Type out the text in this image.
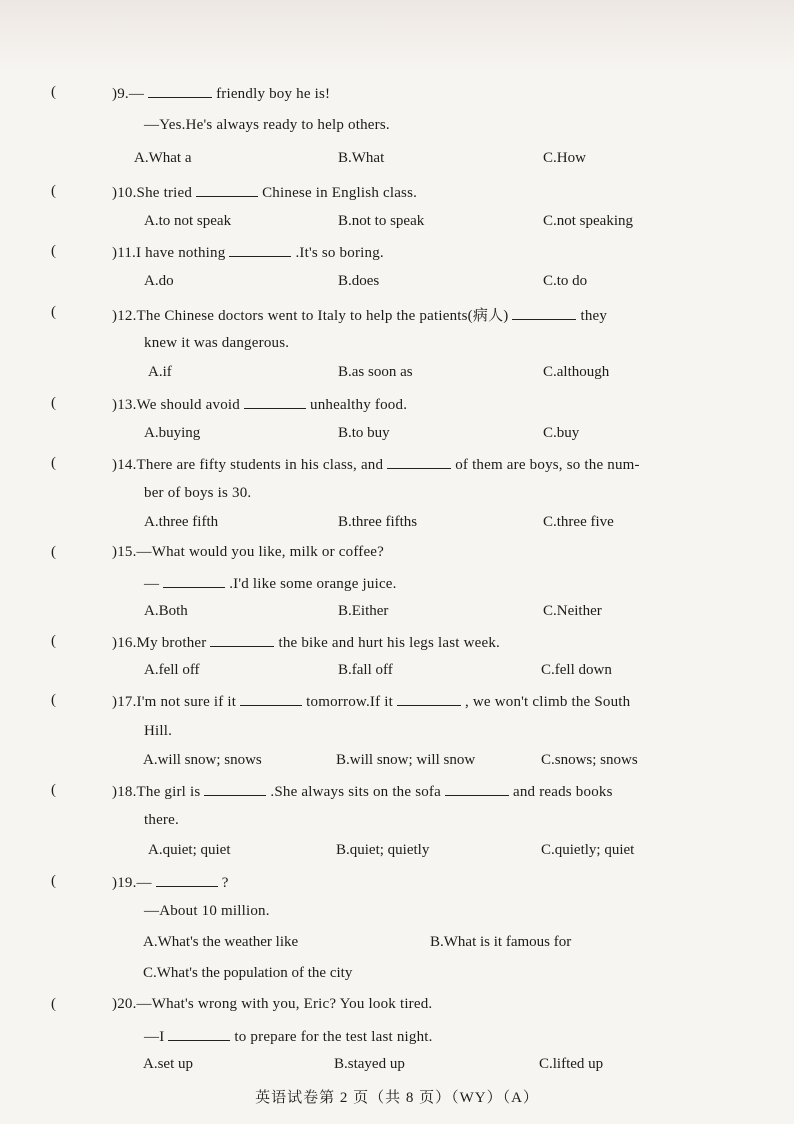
(	)9.—	friendly boy he is!
—Yes.He's always ready to help others.
A.What a	B.What	C.How
(	)10.She tried	Chinese in English class.
A.to not speak	B.not to speak	C.not speaking
(	)11.I have nothing	.It's so boring.
A.do	B.does	C.to do
(	)12.The Chinese doctors went to Italy to help the patients(病人)	they
knew it was dangerous.
A.if	B.as soon as	C.although
(	)13.We should avoid	unhealthy food.
A.buying	B.to buy	C.buy
(	)14.There are fifty students in his class, and	of them are boys, so the num-
ber of boys is 30.
A.three fifth	B.three fifths	C.three five
(	)15.—What would you like, milk or coffee?
—	.I'd like some orange juice.
A.Both	B.Either	C.Neither
(	)16.My brother	the bike and hurt his legs last week.
A.fell off	B.fall off	C.fell down
(	)17.I'm not sure if it	tomorrow.If it	, we won't climb the South
Hill.
A.will snow; snows	B.will snow; will snow	C.snows; snows
(	)18.The girl is	.She always sits on the sofa	and reads books
there.
A.quiet; quiet	B.quiet; quietly	C.quietly; quiet
(	)19.—	?
—About 10 million.
A.What's the weather like	B.What is it famous for
C.What's the population of the city
(	)20.—What's wrong with you, Eric? You look tired.
—I	to prepare for the test last night.
A.set up	B.stayed up	C.lifted up
英语试卷第 2 页（共 8 页）（WY）（A）
